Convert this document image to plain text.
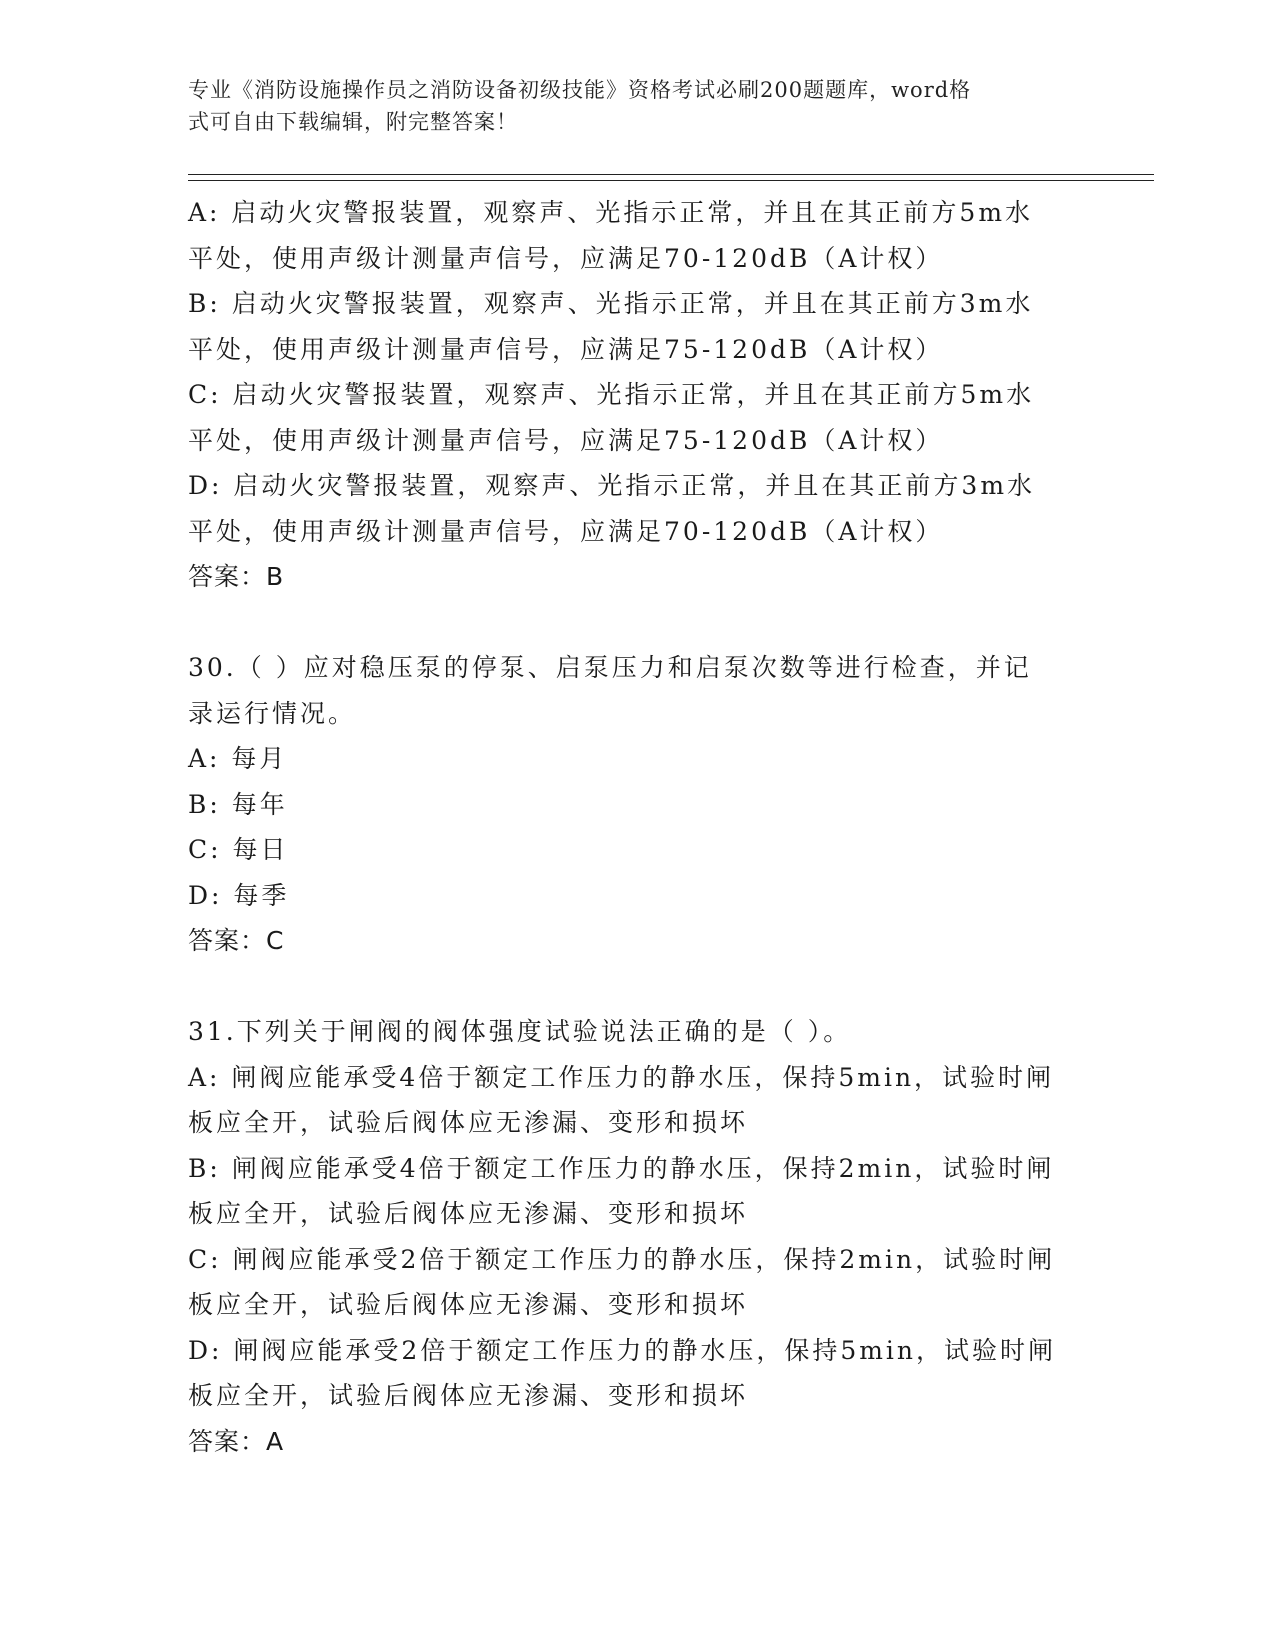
专业《消防设施操作员之消防设备初级技能》资格考试必刷200题题库，word格
式可自由下载编辑，附完整答案！
A: 启动火灾警报装置，观察声、光指示正常，并且在其正前方5m水
平处，使用声级计测量声信号，应满足70-120dB（A计权）
B: 启动火灾警报装置，观察声、光指示正常，并且在其正前方3m水
平处，使用声级计测量声信号，应满足75-120dB（A计权）
C: 启动火灾警报装置，观察声、光指示正常，并且在其正前方5m水
平处，使用声级计测量声信号，应满足75-120dB（A计权）
D: 启动火灾警报装置，观察声、光指示正常，并且在其正前方3m水
平处，使用声级计测量声信号，应满足70-120dB（A计权）
答案：B
30.（ ）应对稳压泵的停泵、启泵压力和启泵次数等进行检查，并记
录运行情况。
A: 每月
B: 每年
C: 每日
D: 每季
答案：C
31.下列关于闸阀的阀体强度试验说法正确的是（ ）。
A: 闸阀应能承受4倍于额定工作压力的静水压，保持5min，试验时闸
板应全开，试验后阀体应无渗漏、变形和损坏
B: 闸阀应能承受4倍于额定工作压力的静水压，保持2min，试验时闸
板应全开，试验后阀体应无渗漏、变形和损坏
C: 闸阀应能承受2倍于额定工作压力的静水压，保持2min，试验时闸
板应全开，试验后阀体应无渗漏、变形和损坏
D: 闸阀应能承受2倍于额定工作压力的静水压，保持5min，试验时闸
板应全开，试验后阀体应无渗漏、变形和损坏
答案：A
